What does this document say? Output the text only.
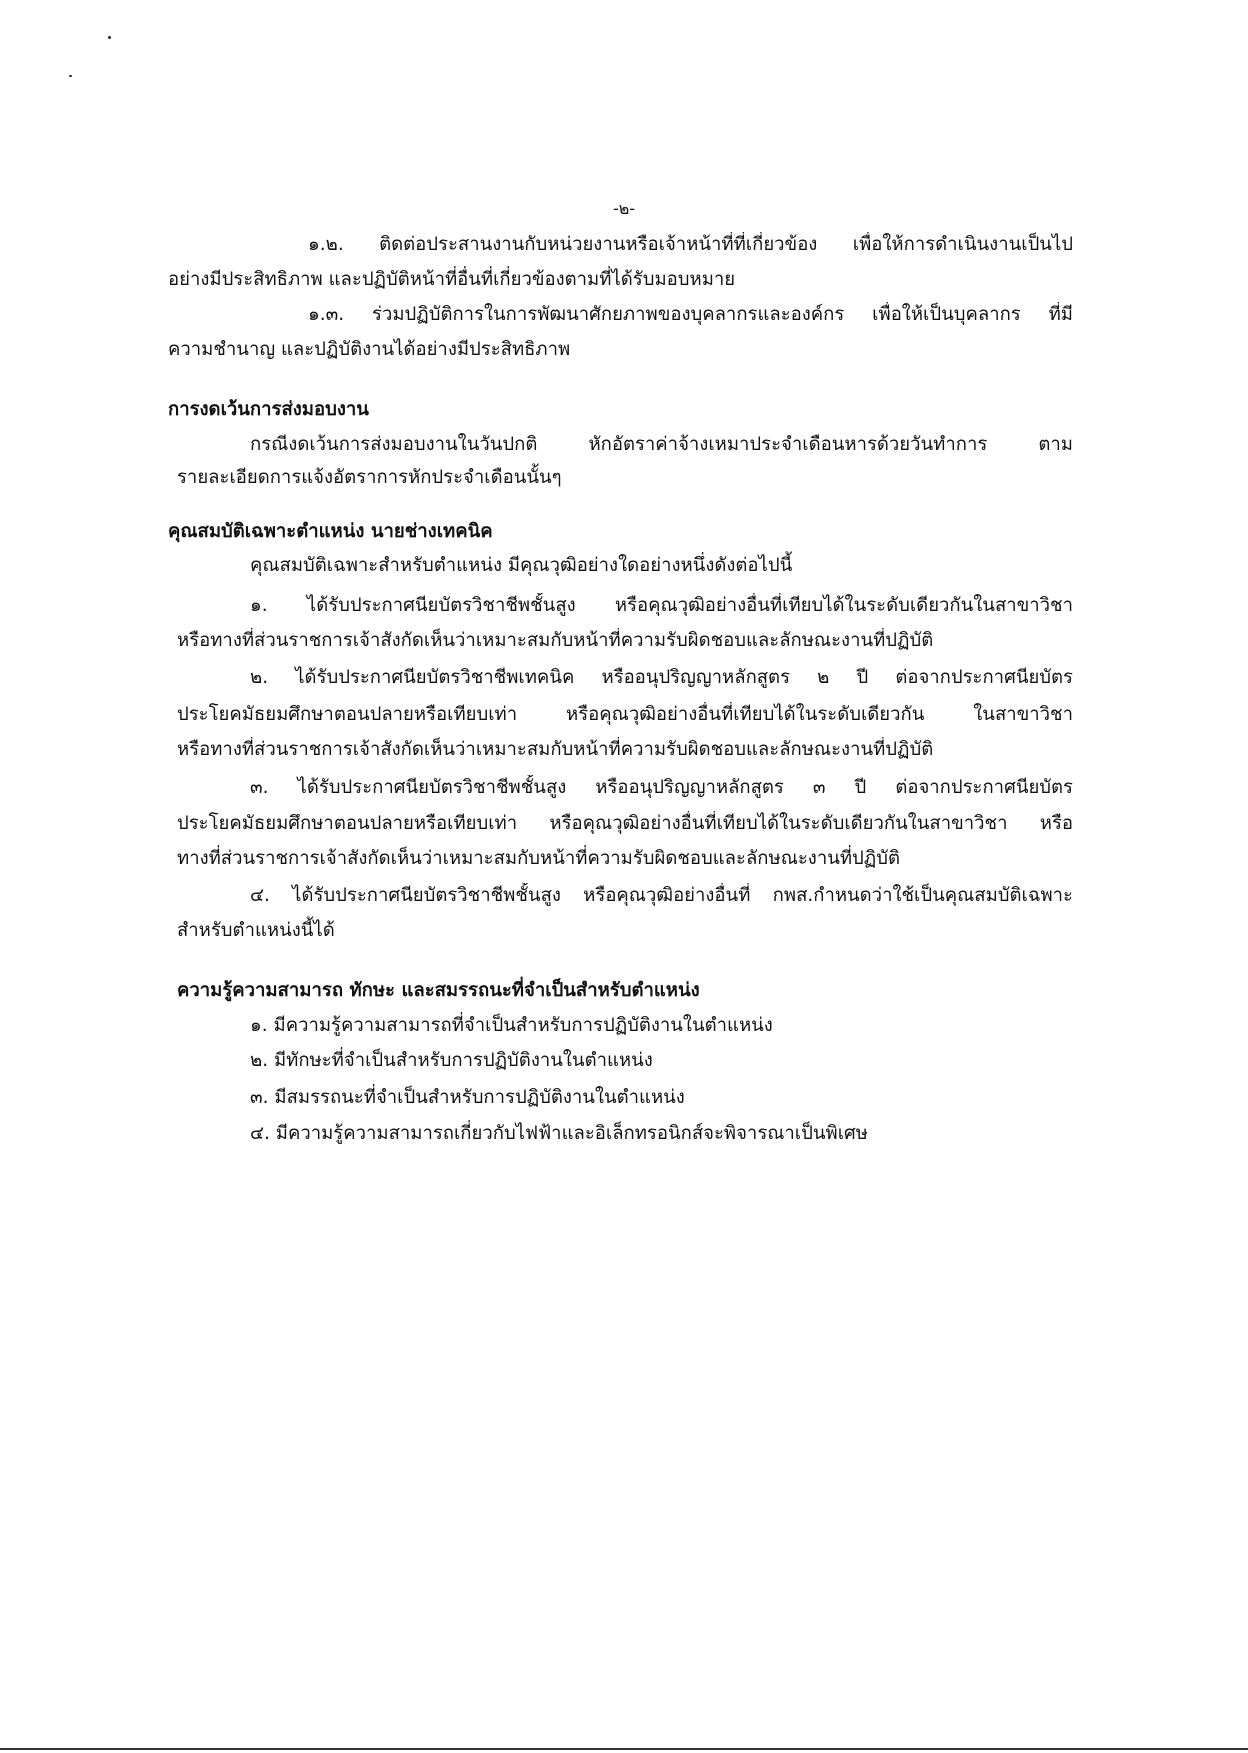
-๒-
๑.๒. ติดต่อประสานงานกับหน่วยงานหรือเจ้าหน้าที่ที่เกี่ยวข้อง เพื่อให้การดำเนินงานเป็นไป
อย่างมีประสิทธิภาพ และปฏิบัติหน้าที่อื่นที่เกี่ยวข้องตามที่ได้รับมอบหมาย
๑.๓. ร่วมปฏิบัติการในการพัฒนาศักยภาพของบุคลากรและองค์กร เพื่อให้เป็นบุคลากร ที่มี
ความชำนาญ และปฏิบัติงานได้อย่างมีประสิทธิภาพ
การงดเว้นการส่งมอบงาน
กรณีงดเว้นการส่งมอบงานในวันปกติ หักอัตราค่าจ้างเหมาประจำเดือนหารด้วยวันทำการ ตาม
รายละเอียดการแจ้งอัตราการหักประจำเดือนนั้นๆ
คุณสมบัติเฉพาะตำแหน่ง นายช่างเทคนิค
คุณสมบัติเฉพาะสำหรับตำแหน่ง มีคุณวุฒิอย่างใดอย่างหนึ่งดังต่อไปนี้
๑. ได้รับประกาศนียบัตรวิชาชีพชั้นสูง หรือคุณวุฒิอย่างอื่นที่เทียบได้ในระดับเดียวกันในสาขาวิชา
หรือทางที่ส่วนราชการเจ้าสังกัดเห็นว่าเหมาะสมกับหน้าที่ความรับผิดชอบและลักษณะงานที่ปฏิบัติ
๒. ได้รับประกาศนียบัตรวิชาชีพเทคนิค หรืออนุปริญญาหลักสูตร ๒ ปี ต่อจากประกาศนียบัตร
ประโยคมัธยมศึกษาตอนปลายหรือเทียบเท่า หรือคุณวุฒิอย่างอื่นที่เทียบได้ในระดับเดียวกัน ในสาขาวิชา
หรือทางที่ส่วนราชการเจ้าสังกัดเห็นว่าเหมาะสมกับหน้าที่ความรับผิดชอบและลักษณะงานที่ปฏิบัติ
๓. ได้รับประกาศนียบัตรวิชาชีพชั้นสูง หรืออนุปริญญาหลักสูตร ๓ ปี ต่อจากประกาศนียบัตร
ประโยคมัธยมศึกษาตอนปลายหรือเทียบเท่า หรือคุณวุฒิอย่างอื่นที่เทียบได้ในระดับเดียวกันในสาขาวิชา หรือ
ทางที่ส่วนราชการเจ้าสังกัดเห็นว่าเหมาะสมกับหน้าที่ความรับผิดชอบและลักษณะงานที่ปฏิบัติ
๔. ได้รับประกาศนียบัตรวิชาชีพชั้นสูง หรือคุณวุฒิอย่างอื่นที่ กพส.กำหนดว่าใช้เป็นคุณสมบัติเฉพาะ
สำหรับตำแหน่งนี้ได้
ความรู้ความสามารถ ทักษะ และสมรรถนะที่จำเป็นสำหรับตำแหน่ง
๑. มีความรู้ความสามารถที่จำเป็นสำหรับการปฏิบัติงานในตำแหน่ง
๒. มีทักษะที่จำเป็นสำหรับการปฏิบัติงานในตำแหน่ง
๓. มีสมรรถนะที่จำเป็นสำหรับการปฏิบัติงานในตำแหน่ง
๔. มีความรู้ความสามารถเกี่ยวกับไฟฟ้าและอิเล็กทรอนิกส์จะพิจารณาเป็นพิเศษ
